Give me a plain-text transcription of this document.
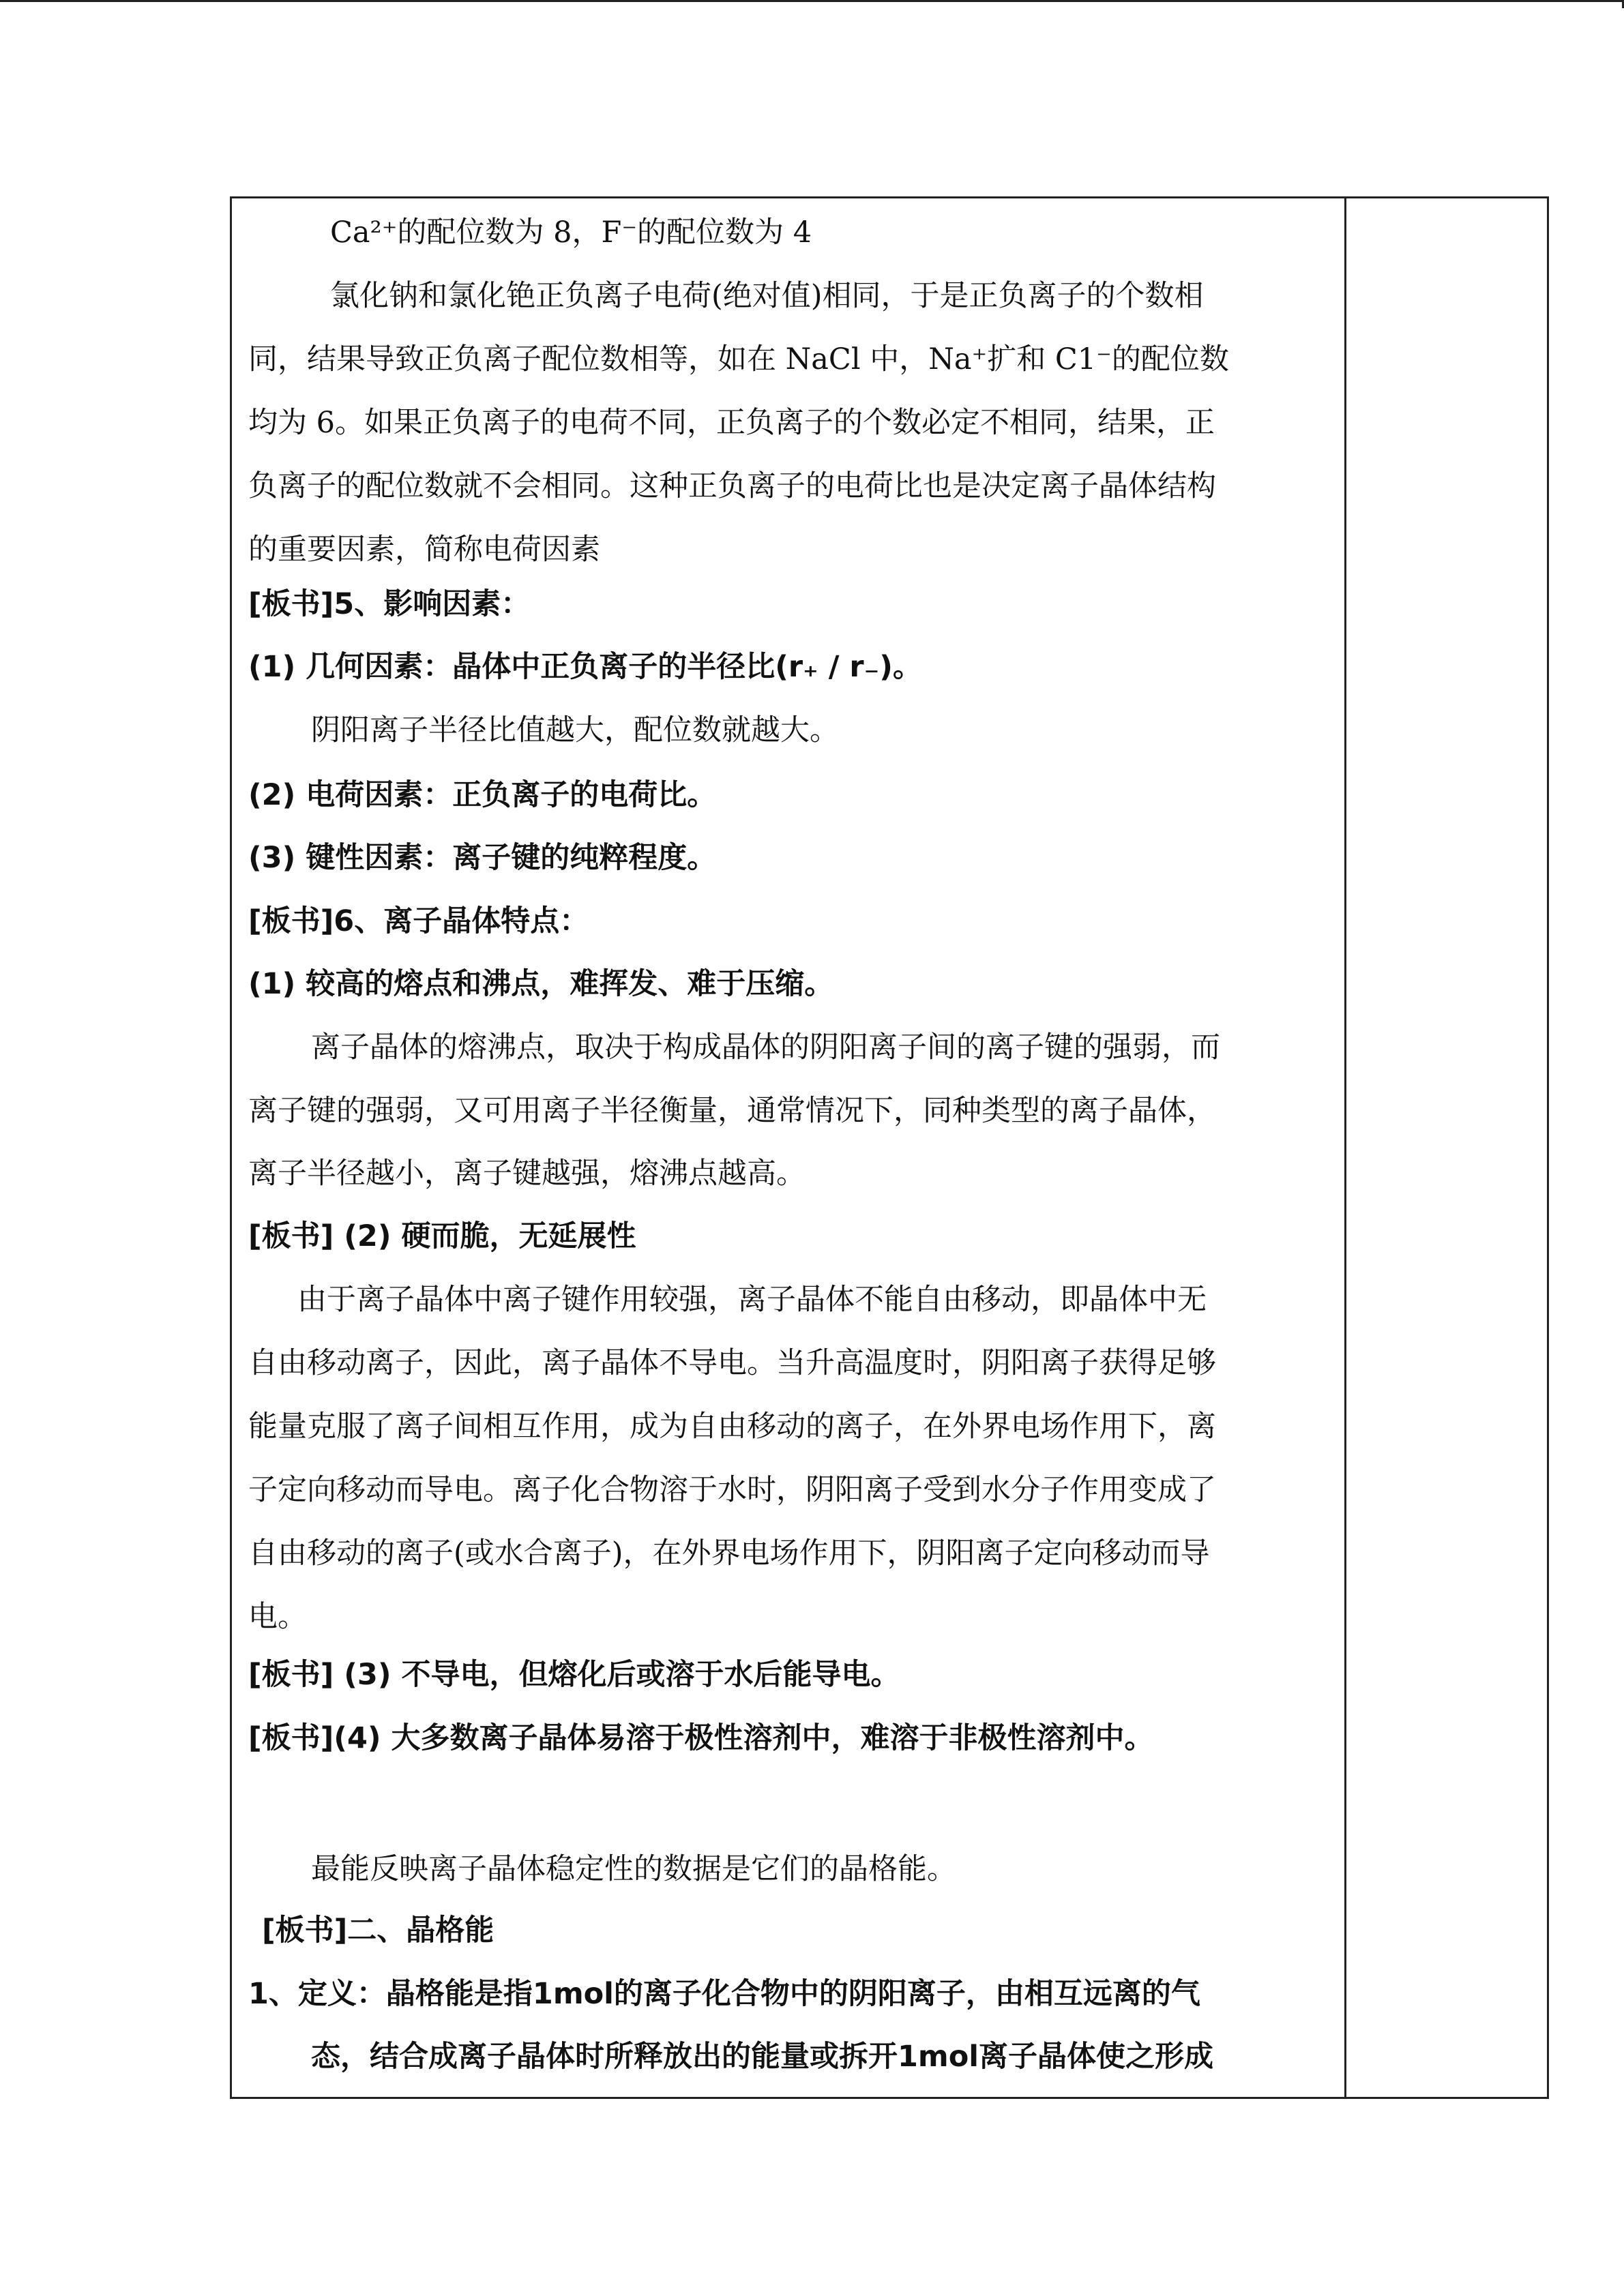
Ca²⁺的配位数为 8，F⁻的配位数为 4
氯化钠和氯化铯正负离子电荷(绝对值)相同，于是正负离子的个数相
同，结果导致正负离子配位数相等，如在 NaCl 中，Na⁺扩和 C1⁻的配位数
均为 6。如果正负离子的电荷不同，正负离子的个数必定不相同，结果，正
负离子的配位数就不会相同。这种正负离子的电荷比也是决定离子晶体结构
的重要因素，简称电荷因素
[板书]5、影响因素：
(1) 几何因素：晶体中正负离子的半径比(r₊ / r₋)。
阴阳离子半径比值越大，配位数就越大。
(2) 电荷因素：正负离子的电荷比。
(3) 键性因素：离子键的纯粹程度。
[板书]6、离子晶体特点：
(1) 较高的熔点和沸点，难挥发、难于压缩。
离子晶体的熔沸点，取决于构成晶体的阴阳离子间的离子键的强弱，而
离子键的强弱，又可用离子半径衡量，通常情况下，同种类型的离子晶体，
离子半径越小，离子键越强，熔沸点越高。
[板书] (2) 硬而脆，无延展性
由于离子晶体中离子键作用较强，离子晶体不能自由移动，即晶体中无
自由移动离子，因此，离子晶体不导电。当升高温度时，阴阳离子获得足够
能量克服了离子间相互作用，成为自由移动的离子，在外界电场作用下，离
子定向移动而导电。离子化合物溶于水时，阴阳离子受到水分子作用变成了
自由移动的离子(或水合离子)，在外界电场作用下，阴阳离子定向移动而导
电。
[板书] (3) 不导电，但熔化后或溶于水后能导电。
[板书](4) 大多数离子晶体易溶于极性溶剂中，难溶于非极性溶剂中。
最能反映离子晶体稳定性的数据是它们的晶格能。
[板书]二、晶格能
1、定义：晶格能是指1mol的离子化合物中的阴阳离子，由相互远离的气
态，结合成离子晶体时所释放出的能量或拆开1mol离子晶体使之形成
